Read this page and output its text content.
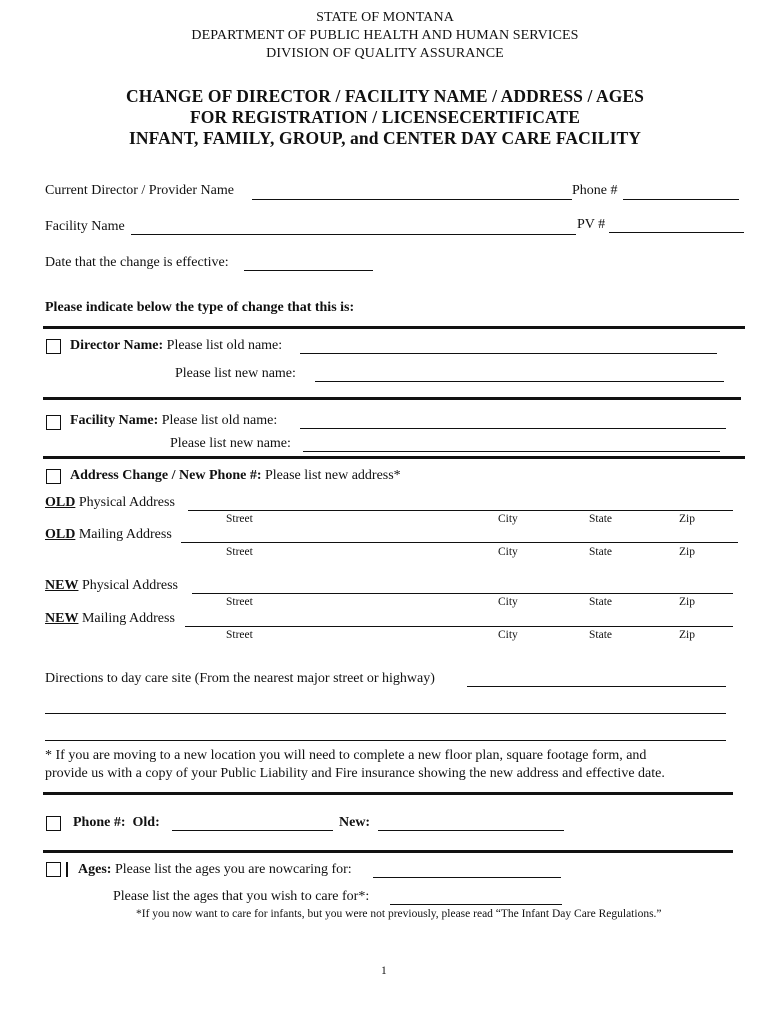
STATE OF MONTANA
DEPARTMENT OF PUBLIC HEALTH AND HUMAN SERVICES
DIVISION OF QUALITY ASSURANCE
CHANGE OF DIRECTOR / FACILITY NAME / ADDRESS / AGES
FOR REGISTRATION / LICENSECERTIFICATE
INFANT, FAMILY, GROUP, and CENTER DAY CARE FACILITY
Current Director / Provider Name	Phone #
Facility Name	PV #
Date that the change is effective:
Please indicate below the type of change that this is:
Director Name: Please list old name:
Please list new name:
Facility Name: Please list old name:
Please list new name:
Address Change / New Phone #: Please list new address*
OLD Physical Address
Street	City	State	Zip
OLD Mailing Address
Street	City	State	Zip
NEW Physical Address
Street	City	State	Zip
NEW Mailing Address
Street	City	State	Zip
Directions to day care site (From the nearest major street or highway)
* If you are moving to a new location you will need to complete a new floor plan, square footage form, and
provide us with a copy of your Public Liability and Fire insurance showing the new address and effective date.
Phone #: Old:	New:
Ages: Please list the ages you are nowcaring for:
Please list the ages that you wish to care for*:
*If you now want to care for infants, but you were not previously, please read “The Infant Day Care Regulations.”
1
